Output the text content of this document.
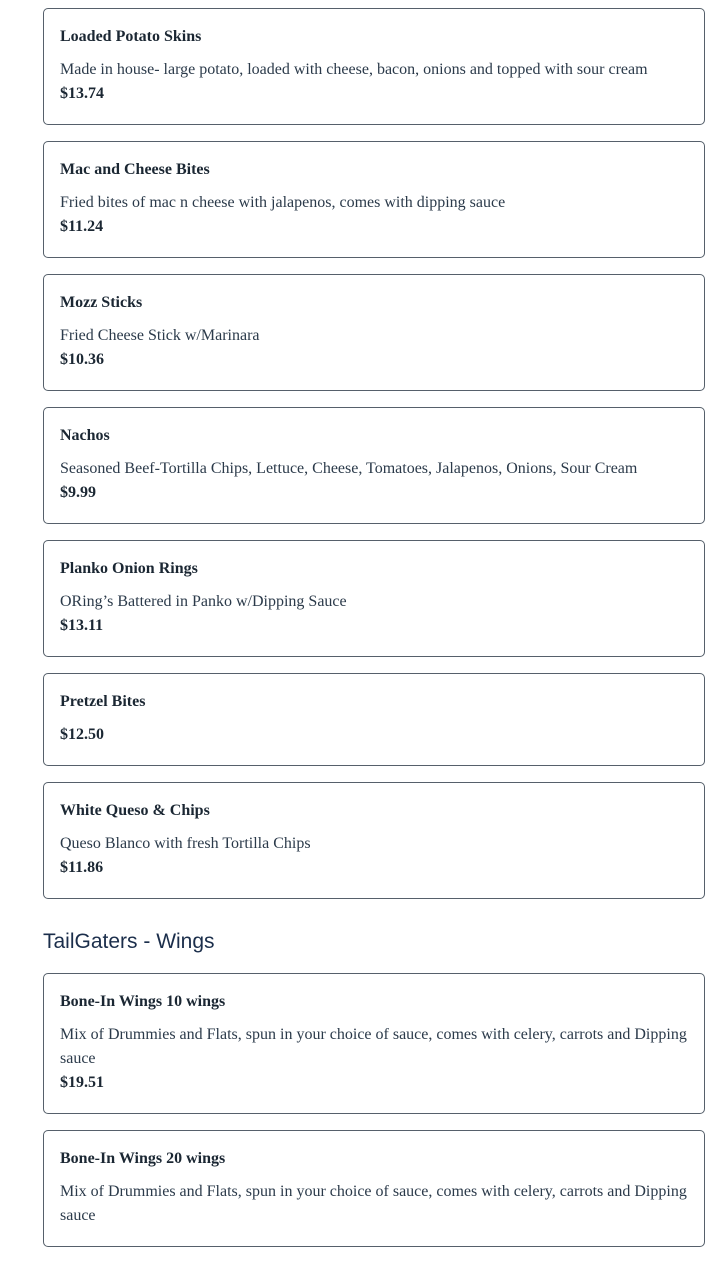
Loaded Potato Skins

Made in house- large potato, loaded with cheese, bacon, onions and topped with sour cream

$13.74

Mac and Cheese Bites

Fried bites of mac n cheese with jalapenos, comes with dipping sauce

$11.24

Mozz Sticks

Fried Cheese Stick w/Marinara

$10.36

Nachos

Seasoned Beef-Tortilla Chips, Lettuce, Cheese, Tomatoes, Jalapenos, Onions, Sour Cream

$9.99

Planko Onion Rings

ORing’s Battered in Panko w/Dipping Sauce

$13.11

Pretzel Bites

$12.50

White Queso & Chips

Queso Blanco with fresh Tortilla Chips

$11.86

TailGaters - Wings
Bone-In Wings 10 wings

Mix of Drummies and Flats, spun in your choice of sauce, comes with celery, carrots and Dipping sauce

$19.51

Bone-In Wings 20 wings

Mix of Drummies and Flats, spun in your choice of sauce, comes with celery, carrots and Dipping sauce
